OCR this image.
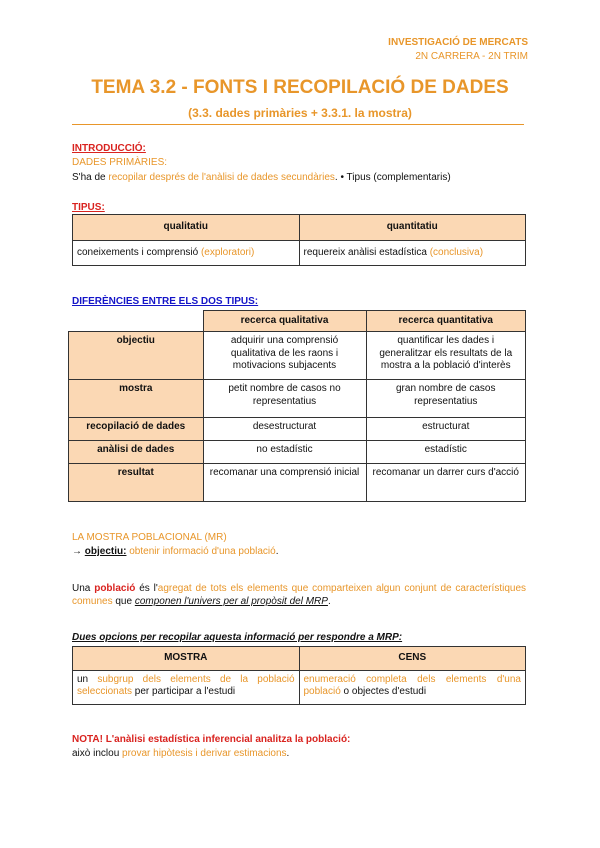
INVESTIGACIÓ DE MERCATS
2N CARRERA - 2N TRIM
TEMA 3.2 - FONTS I RECOPILACIÓ DE DADES
(3.3. dades primàries + 3.3.1. la mostra)
INTRODUCCIÓ:
DADES PRIMÀRIES:
S'ha de recopilar després de l'anàlisi de dades secundàries. • Tipus (complementaris)
TIPUS:
qualitatiu	quantitatiu
coneixements i comprensió (exploratori)	requereix anàlisi estadística (conclusiva)
DIFERÈNCIES ENTRE ELS DOS TIPUS:
	recerca qualitativa	recerca quantitativa
objectiu	adquirir una comprensió qualitativa de les raons i motivacions subjacents	quantificar les dades i generalitzar els resultats de la mostra a la població d'interès
mostra	petit nombre de casos no representatius	gran nombre de casos representatius
recopilació de dades	desestructurat	estructurat
anàlisi de dades	no estadístic	estadístic
resultat	recomanar una comprensió inicial	recomanar un darrer curs d'acció
LA MOSTRA POBLACIONAL (MR)
→ objectiu: obtenir informació d'una població.
Una població és l'agregat de tots els elements que comparteixen algun conjunt de característiques comunes que componen l'univers per al propòsit del MRP.
Dues opcions per recopilar aquesta informació per respondre a MRP:
MOSTRA	CENS
un subgrup dels elements de la població seleccionats per participar a l'estudi	enumeració completa dels elements d'una població o objectes d'estudi
NOTA! L'anàlisi estadística inferencial analitza la població:
això inclou provar hipòtesis i derivar estimacions.
